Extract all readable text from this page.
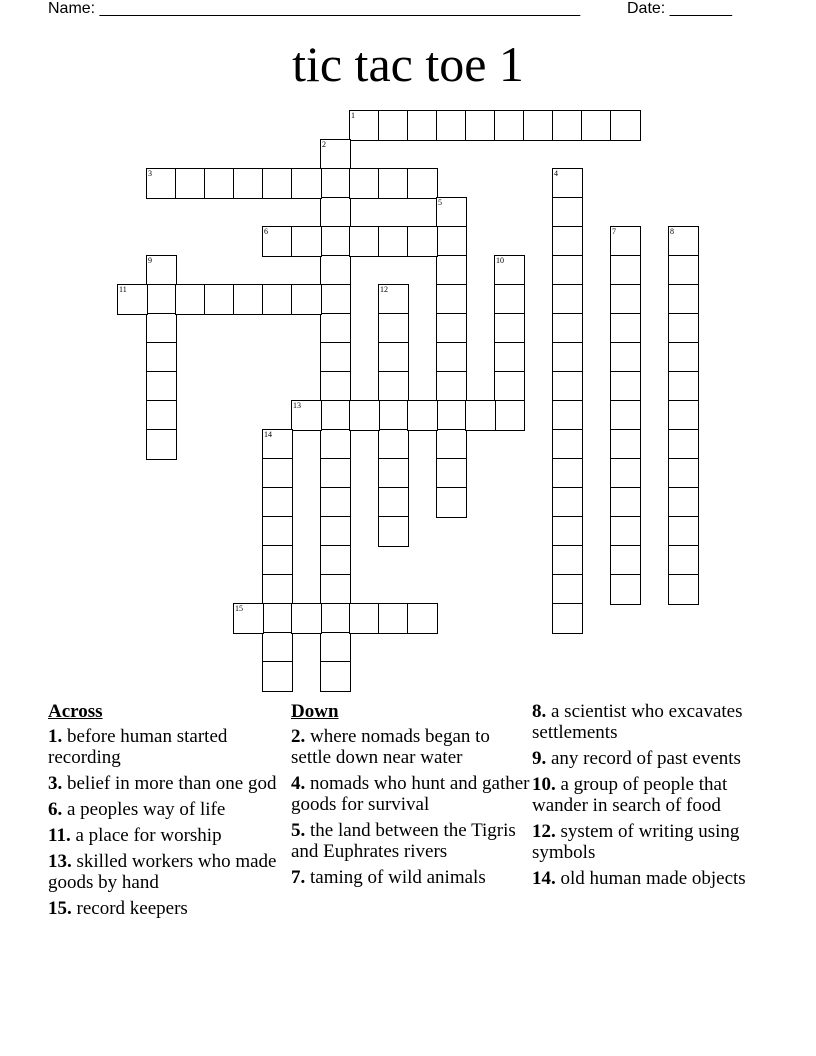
Name: ______________________________________________________	Date: _______
tic tac toe 1
1
2
3	4
5
6	7	8
9	10
11	12
13
14
15
Across
1. before human started recording
3. belief in more than one god
6. a peoples way of life
11. a place for worship
13. skilled workers who made goods by hand
15. record keepers
Down
2. where nomads began to settle down near water
4. nomads who hunt and gather goods for survival
5. the land between the Tigris and Euphrates rivers
7. taming of wild animals
8. a scientist who excavates settlements
9. any record of past events
10. a group of people that wander in search of food
12. system of writing using symbols
14. old human made objects
